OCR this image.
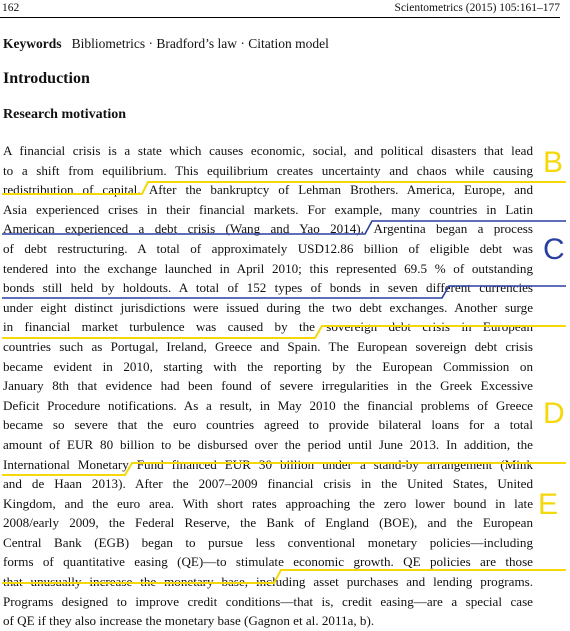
162	Scientometrics (2015) 105:161–177
Keywords Bibliometrics · Bradford’s law · Citation model
Introduction
Research motivation
A financial crisis is a state which causes economic, social, and political disasters that lead
to a shift from equilibrium. This equilibrium creates uncertainty and chaos while causing
redistribution of capital. After the bankruptcy of Lehman Brothers. America, Europe, and
Asia experienced crises in their financial markets. For example, many countries in Latin
American experienced a debt crisis (Wang and Yao 2014). Argentina began a process
of debt restructuring. A total of approximately USD12.86 billion of eligible debt was
tendered into the exchange launched in April 2010; this represented 69.5 % of outstanding
bonds still held by holdouts. A total of 152 types of bonds in seven different currencies
under eight distinct jurisdictions were issued during the two debt exchanges. Another surge
in financial market turbulence was caused by the sovereign debt crisis in European
countries such as Portugal, Ireland, Greece and Spain. The European sovereign debt crisis
became evident in 2010, starting with the reporting by the European Commission on
January 8th that evidence had been found of severe irregularities in the Greek Excessive
Deficit Procedure notifications. As a result, in May 2010 the financial problems of Greece
became so severe that the euro countries agreed to provide bilateral loans for a total
amount of EUR 80 billion to be disbursed over the period until June 2013. In addition, the
International Monetary Fund financed EUR 30 billion under a stand-by arrangement (Mink
and de Haan 2013). After the 2007–2009 financial crisis in the United States, United
Kingdom, and the euro area. With short rates approaching the zero lower bound in late
2008/early 2009, the Federal Reserve, the Bank of England (BOE), and the European
Central Bank (EGB) began to pursue less conventional monetary policies—including
forms of quantitative easing (QE)—to stimulate economic growth. QE policies are those
that unusually increase the monetary base, including asset purchases and lending programs.
Programs designed to improve credit conditions—that is, credit easing—are a special case
of QE if they also increase the monetary base (Gagnon et al. 2011a, b).
B
C
D
E
